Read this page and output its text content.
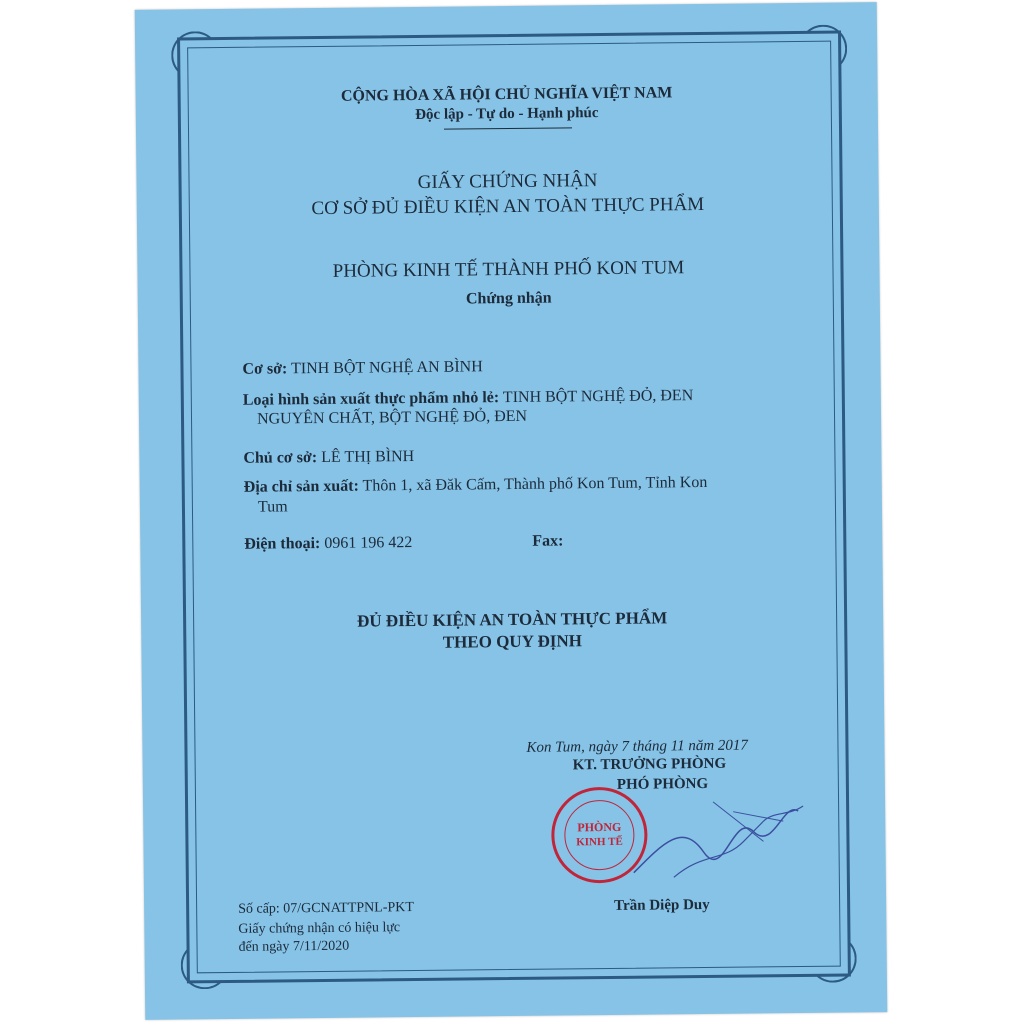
CỘNG HÒA XÃ HỘI CHỦ NGHĨA VIỆT NAM
Độc lập - Tự do - Hạnh phúc
GIẤY CHỨNG NHẬN
CƠ SỞ ĐỦ ĐIỀU KIỆN AN TOÀN THỰC PHẨM
PHÒNG KINH TẾ THÀNH PHỐ KON TUM
Chứng nhận
Cơ sở: TINH BỘT NGHỆ AN BÌNH
Loại hình sản xuất thực phẩm nhỏ lẻ: TINH BỘT NGHỆ ĐỎ, ĐEN
NGUYÊN CHẤT, BỘT NGHỆ ĐỎ, ĐEN
Chủ cơ sở: LÊ THỊ BÌNH
Địa chỉ sản xuất: Thôn 1, xã Đăk Cấm, Thành phố Kon Tum, Tỉnh Kon
Tum
Điện thoại: 0961 196 422	Fax:
ĐỦ ĐIỀU KIỆN AN TOÀN THỰC PHẨM
THEO QUY ĐỊNH
Kon Tum, ngày 7 tháng 11 năm 2017
KT. TRƯỞNG PHÒNG
PHÓ PHÒNG
PHÒNG
KINH TẾ
Trần Diệp Duy
Số cấp: 07/GCNATTPNL-PKT
Giấy chứng nhận có hiệu lực
đến ngày 7/11/2020
